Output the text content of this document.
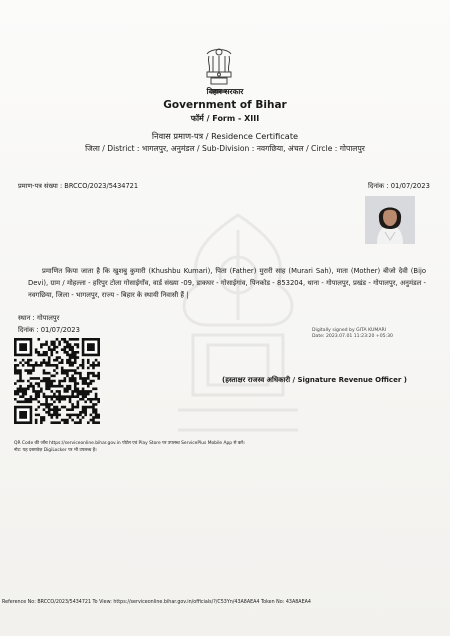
बिहार सरकार
Government of Bihar
फॉर्म / Form - XIII
निवास प्रमाण-पत्र / Residence Certificate
जिला / District : भागलपुर, अनुमंडल / Sub-Division : नवगछिया, अंचल / Circle : गोपालपुर
प्रमाण-पत्र संख्या : BRCCO/2023/5434721	दिनांक : 01/07/2023

प्रमाणित किया जाता है कि खुशबु कुमारी (Khushbu Kumari), पिता (Father) मुरारी साह (Murari Sah), माता (Mother) बीजो देवी (Bijo Devi), ग्राम / मोहल्ला - हरिपुर टोला गोसाईगाँव, वार्ड संख्या -09, डाकघर - गोसाईगांव, पिनकोड - 853204, थाना - गोपालपुर, प्रखंड - गोपालपुर, अनुमंडल - नवगछिया, जिला - भागलपुर, राज्य - बिहार के स्थायी निवासी हैं |

स्थान : गोपालपुर
दिनांक : 01/07/2023	Digitally signed by GITA KUMARI
Date: 2023.07.01 11:23:20 +05:30
(हस्ताक्षर राजस्व अधिकारी / Signature Revenue Officer )
QR Code की जाँच https://serviceonline.bihar.gov.in पोर्टल एवं Play Store पर उपलब्ध ServicePlus Mobile App से करें।
नोट: यह दस्तावेज़ DigiLocker पर भी उपलब्ध है।
Reference No: BRCCO/2023/5434721 To View: https://serviceonline.bihar.gov.in/officials/?/C53Yn/43A8AEA4 Token No: 43A8AEA4
